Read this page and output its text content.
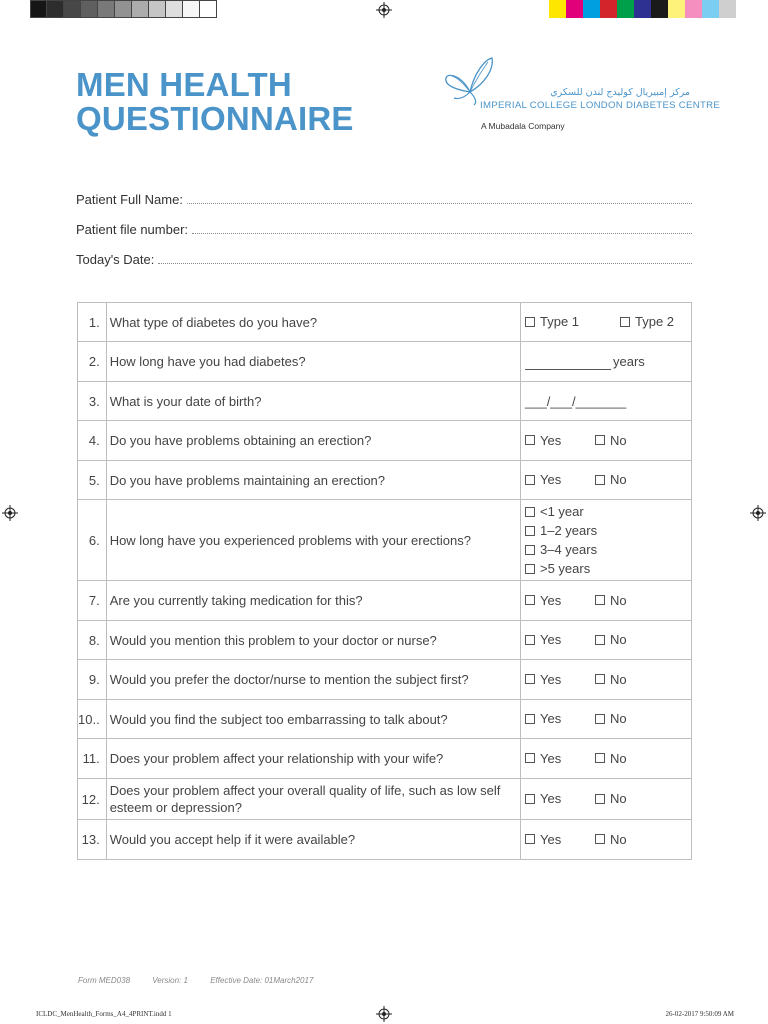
MEN HEALTH
QUESTIONNAIRE
مركز إمبيريال كوليدج لندن للسكري
IMPERIAL COLLEGE LONDON DIABETES CENTRE
A Mubadala Company
Patient Full Name:
Patient file number:
Today's Date:
1.	What type of diabetes do you have?	Type 1 Type 2

2.	How long have you had diabetes?	years
3.	What is your date of birth?	___/___/_______
4.	Do you have problems obtaining an erection?	Yes No

5.	Do you have problems maintaining an erection?	Yes No

6.	How long have you experienced problems with your erections?	<1 year
1–2 years
3–4 years
>5 years

7.	Are you currently taking medication for this?	Yes No

8.	Would you mention this problem to your doctor or nurse?	Yes No

9.	Would you prefer the doctor/nurse to mention the subject first?	Yes No

10..	Would you find the subject too embarrassing to talk about?	Yes No

11.	Does your problem affect your relationship with your wife?	Yes No

12.	Does your problem affect your overall quality of life, such as low self esteem or depression?	Yes No

13.	Would you accept help if it were available?	Yes No
Form MED038	Version: 1	Effective Date: 01March2017
ICLDC_MenHealth_Forms_A4_4PRINT.indd 1	26-02-2017 9:50:09 AM
